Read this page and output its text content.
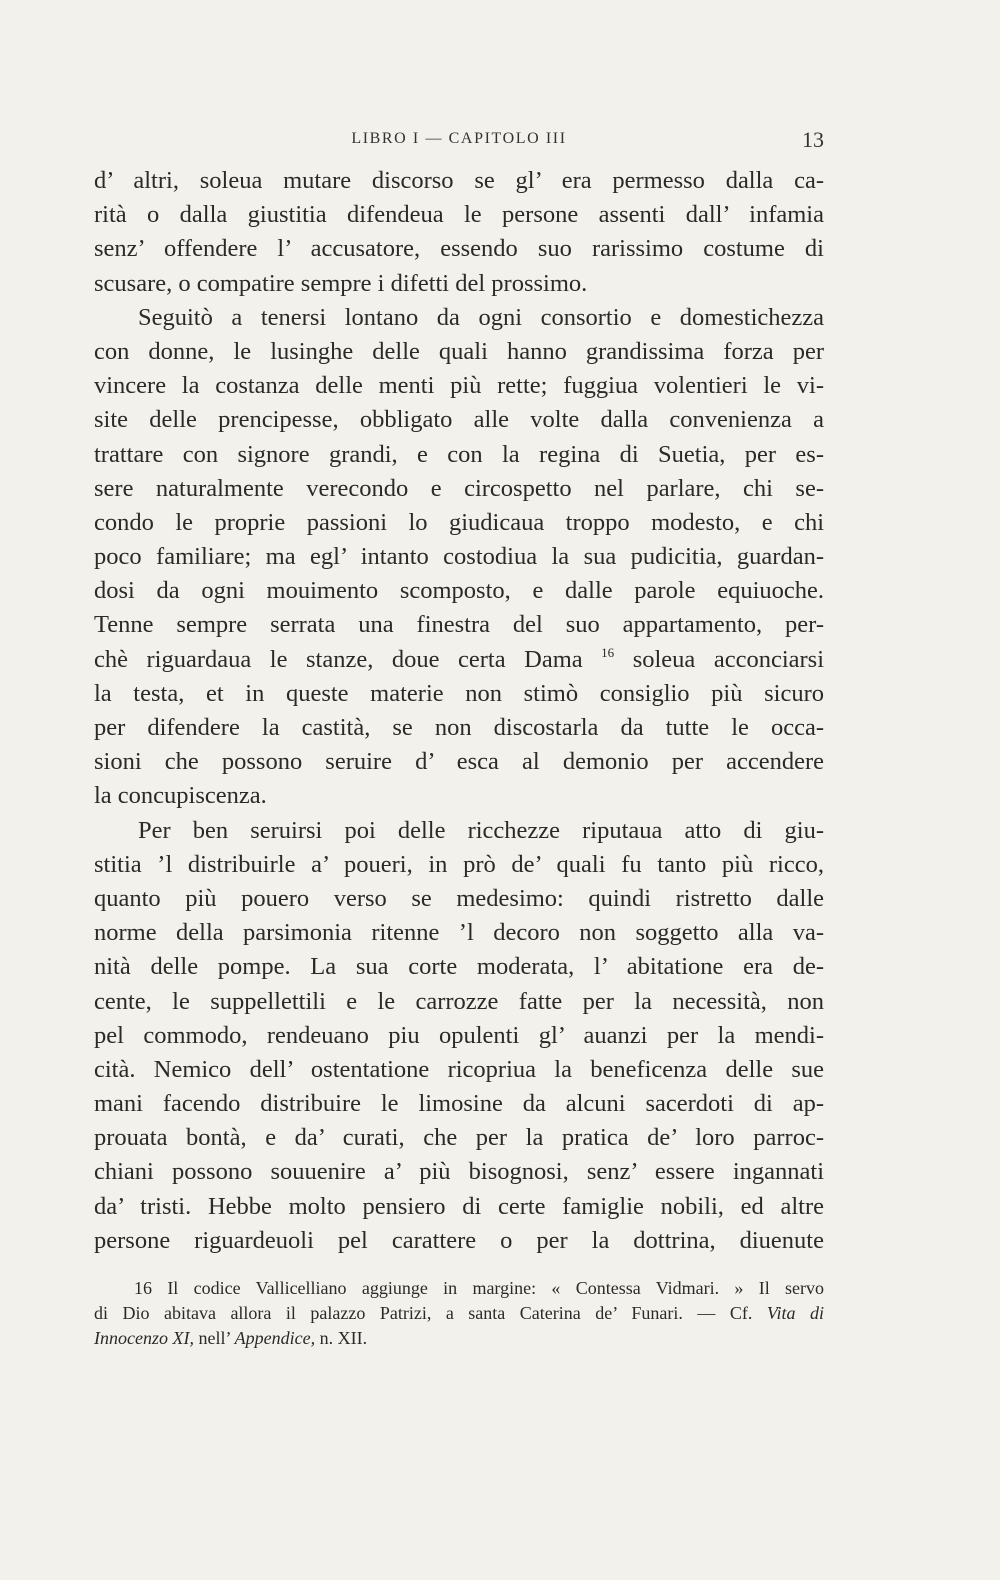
LIBRO I — CAPITOLO III	13
d’ altri, soleua mutare discorso se gl’ era permesso dalla ca-
rità o dalla giustitia difendeua le persone assenti dall’ infamia
senz’ offendere l’ accusatore, essendo suo rarissimo costume di
scusare, o compatire sempre i difetti del prossimo.
Seguitò a tenersi lontano da ogni consortio e domestichezza
con donne, le lusinghe delle quali hanno grandissima forza per
vincere la costanza delle menti più rette; fuggiua volentieri le vi-
site delle prencipesse, obbligato alle volte dalla convenienza a
trattare con signore grandi, e con la regina di Suetia, per es-
sere naturalmente verecondo e circospetto nel parlare, chi se-
condo le proprie passioni lo giudicaua troppo modesto, e chi
poco familiare; ma egl’ intanto costodiua la sua pudicitia, guardan-
dosi da ogni mouimento scomposto, e dalle parole equiuoche.
Tenne sempre serrata una finestra del suo appartamento, per-
chè riguardaua le stanze, doue certa Dama $^{16}$ soleua acconciarsi
la testa, et in queste materie non stimò consiglio più sicuro
per difendere la castità, se non discostarla da tutte le occa-
sioni che possono seruire d’ esca al demonio per accendere
la concupiscenza.
Per ben seruirsi poi delle ricchezze riputaua atto di giu-
stitia ’l distribuirle a’ poueri, in prò de’ quali fu tanto più ricco,
quanto più pouero verso se medesimo: quindi ristretto dalle
norme della parsimonia ritenne ’l decoro non soggetto alla va-
nità delle pompe. La sua corte moderata, l’ abitatione era de-
cente, le suppellettili e le carrozze fatte per la necessità, non
pel commodo, rendeuano piu opulenti gl’ auanzi per la mendi-
cità. Nemico dell’ ostentatione ricopriua la beneficenza delle sue
mani facendo distribuire le limosine da alcuni sacerdoti di ap-
prouata bontà, e da’ curati, che per la pratica de’ loro parroc-
chiani possono souuenire a’ più bisognosi, senz’ essere ingannati
da’ tristi. Hebbe molto pensiero di certe famiglie nobili, ed altre
persone riguardeuoli pel carattere o per la dottrina, diuenute
16 Il codice Vallicelliano aggiunge in margine: « Contessa Vidmari. » Il servo
di Dio abitava allora il palazzo Patrizi, a santa Caterina de’ Funari. — Cf. Vita di
Innocenzo XI, nell’ Appendice, n. XII.
